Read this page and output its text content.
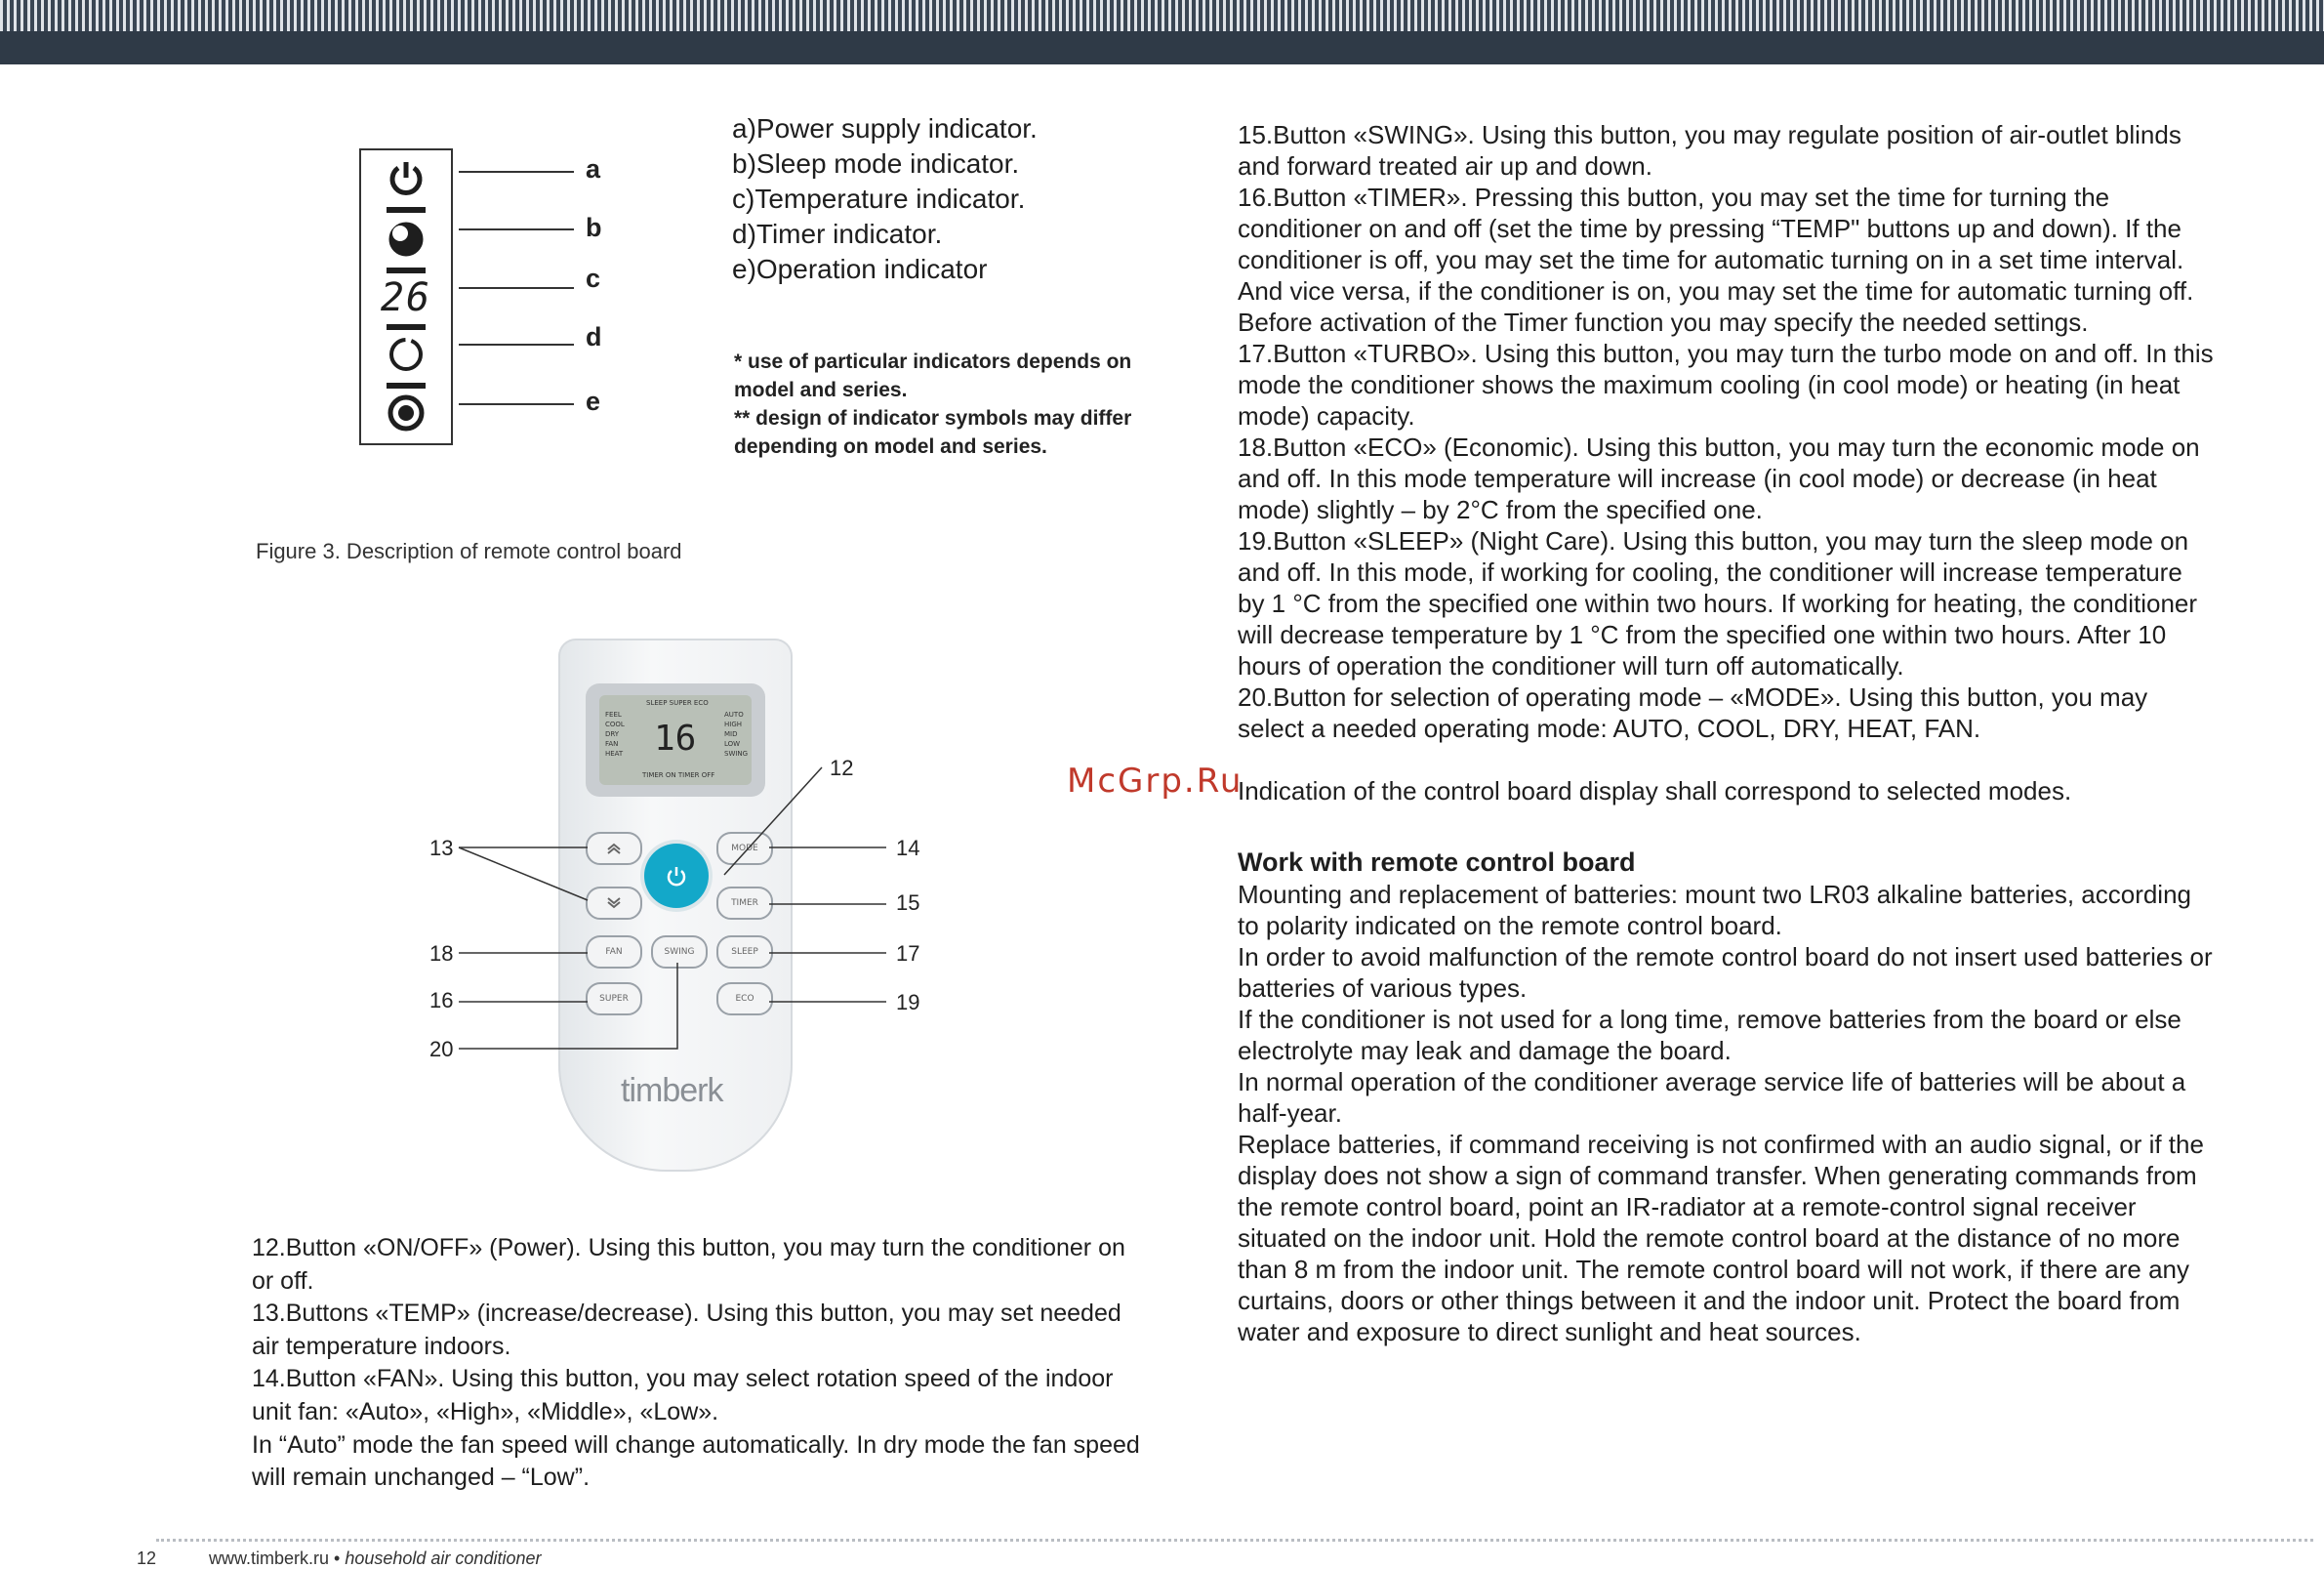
26
a
b
c
d
e
a)Power supply indicator.
b)Sleep mode indicator.
c)Temperature indicator.
d)Timer indicator.
e)Operation indicator
* use of particular indicators depends on model and series.
** design of indicator symbols may differ depending on model and series.
Figure 3. Description of remote control board
SLEEP SUPER ECO
FEEL
COOL
DRY
FAN
HEAT
AUTO
HIGH
MID
LOW
SWING
16
TIMER ON TIMER OFF
MODE
TIMER
FAN	SWING	SLEEP
SUPER	ECO
timberk
12
13	14
15
18	17
16	19
20

12.Button «ON/OFF» (Power). Using this button, you may turn the conditioner on or off.

13.Buttons «TEMP» (increase/decrease). Using this button, you may set needed air temperature indoors.

14.Button «FAN». Using this button, you may select rotation speed of the indoor unit fan: «Auto», «High», «Middle», «Low».

In “Auto” mode the fan speed will change automatically. In dry mode the fan speed will remain unchanged – “Low”.

15.Button «SWING». Using this button, you may regulate position of air-outlet blinds and forward treated air up and down.

16.Button «TIMER». Pressing this button, you may set the time for turning the conditioner on and off (set the time by pressing “TEMP" buttons up and down). If the conditioner is off, you may set the time for automatic turning on in a set time interval. And vice versa, if the conditioner is on, you may set the time for automatic turning off. Before activation of the Timer function you may specify the needed settings.

17.Button «TURBO». Using this button, you may turn the turbo mode on and off. In this mode the conditioner shows the maximum cooling (in cool mode) or heating (in heat mode) capacity.

18.Button «ECO» (Economic). Using this button, you may turn the economic mode on and off. In this mode temperature will increase (in cool mode) or decrease (in heat mode) slightly – by 2°C from the specified one.

19.Button «SLEEP» (Night Care). Using this button, you may turn the sleep mode on and off. In this mode, if working for cooling, the conditioner will increase temperature by 1 °C from the specified one within two hours. If working for heating, the conditioner will decrease temperature by 1 °C from the specified one within two hours. After 10 hours of operation the conditioner will turn off automatically.

20.Button for selection of operating mode – «MODE». Using this button, you may select a needed operating mode: AUTO, COOL, DRY, HEAT, FAN.

Indication of the control board display shall correspond to selected modes.

Work with remote control board

Mounting and replacement of batteries: mount two LR03 alkaline batteries, according to polarity indicated on the remote control board.

In order to avoid malfunction of the remote control board do not insert used batteries or batteries of various types.

If the conditioner is not used for a long time, remove batteries from the board or else electrolyte may leak and damage the board.

In normal operation of the conditioner average service life of batteries will be about a half-year.

Replace batteries, if command receiving is not confirmed with an audio signal, or if the display does not show a sign of command transfer. When generating commands from the remote control board, point an IR-radiator at a remote-control signal receiver situated on the indoor unit. Hold the remote control board at the distance of no more than 8 m from the indoor unit. The remote control board will not work, if there are any curtains, doors or other things between it and the indoor unit. Protect the board from water and exposure to direct sunlight and heat sources.

McGrp.Ru
12	www.timberk.ru • household air conditioner
